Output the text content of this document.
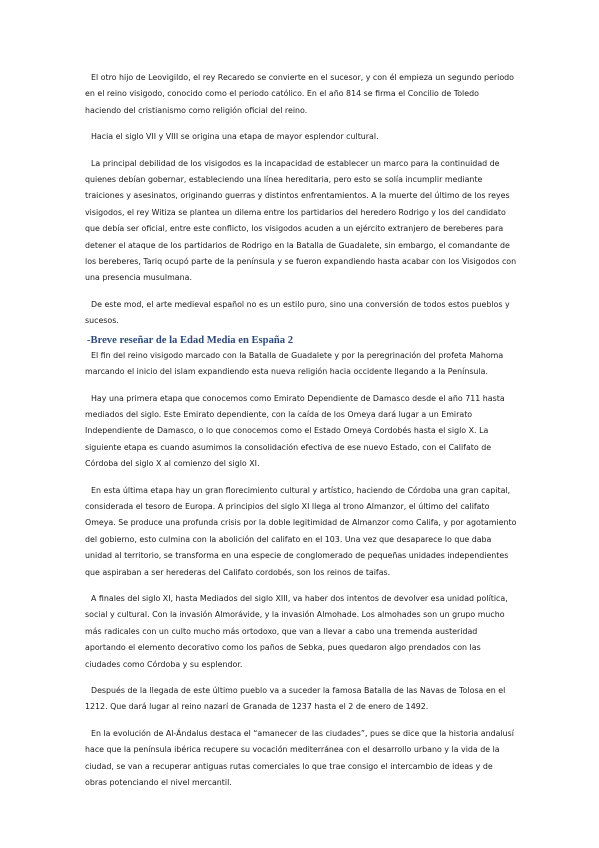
El otro hijo de Leovigildo, el rey Recaredo se convierte en el sucesor, y con él empieza un segundo periodo en el reino visigodo, conocido como el periodo católico. En el año 814 se firma el Concilio de Toledo haciendo del cristianismo como religión oficial del reino.

Hacia el siglo VII y VIII se origina una etapa de mayor esplendor cultural.

La principal debilidad de los visigodos es la incapacidad de establecer un marco para la continuidad de quienes debían gobernar, estableciendo una línea hereditaria, pero esto se solía incumplir mediante traiciones y asesinatos, originando guerras y distintos enfrentamientos. A la muerte del último de los reyes visigodos, el rey Witiza se plantea un dilema entre los partidarios del heredero Rodrigo y los del candidato que debía ser oficial, entre este conflicto, los visigodos acuden a un ejército extranjero de bereberes para detener el ataque de los partidarios de Rodrigo en la Batalla de Guadalete, sin embargo, el comandante de los bereberes, Tariq ocupó parte de la península y se fueron expandiendo hasta acabar con los Visigodos con una presencia musulmana.

De este mod, el arte medieval español no es un estilo puro, sino una conversión de todos estos pueblos y sucesos.

-Breve reseñar de la Edad Media en España 2

El fin del reino visigodo marcado con la Batalla de Guadalete y por la peregrinación del profeta Mahoma marcando el inicio del islam expandiendo esta nueva religión hacia occidente llegando a la Península.

Hay una primera etapa que conocemos como Emirato Dependiente de Damasco desde el año 711 hasta mediados del siglo. Este Emirato dependiente, con la caída de los Omeya dará lugar a un Emirato Independiente de Damasco, o lo que conocemos como el Estado Omeya Cordobés hasta el siglo X. La siguiente etapa es cuando asumimos la consolidación efectiva de ese nuevo Estado, con el Califato de Córdoba del siglo X al comienzo del siglo XI.

En esta última etapa hay un gran florecimiento cultural y artístico, haciendo de Córdoba una gran capital, considerada el tesoro de Europa. A principios del siglo XI llega al trono Almanzor, el último del califato Omeya. Se produce una profunda crisis por la doble legitimidad de Almanzor como Califa, y por agotamiento del gobierno, esto culmina con la abolición del califato en el 103. Una vez que desaparece lo que daba unidad al territorio, se transforma en una especie de conglomerado de pequeñas unidades independientes que aspiraban a ser herederas del Califato cordobés, son los reinos de taifas.

A finales del siglo XI, hasta Mediados del siglo XIII, va haber dos intentos de devolver esa unidad política, social y cultural. Con la invasión Almorávide, y la invasión Almohade. Los almohades son un grupo mucho más radicales con un culto mucho más ortodoxo, que van a llevar a cabo una tremenda austeridad aportando el elemento decorativo como los paños de Sebka, pues quedaron algo prendados con las ciudades como Córdoba y su esplendor.

Después de la llegada de este último pueblo va a suceder la famosa Batalla de las Navas de Tolosa en el 1212. Que dará lugar al reino nazarí de Granada de 1237 hasta el 2 de enero de 1492.

En la evolución de Al-Ándalus destaca el “amanecer de las ciudades”, pues se dice que la historia andalusí hace que la península ibérica recupere su vocación mediterránea con el desarrollo urbano y la vida de la ciudad, se van a recuperar antiguas rutas comerciales lo que trae consigo el intercambio de ideas y de obras potenciando el nivel mercantil.
